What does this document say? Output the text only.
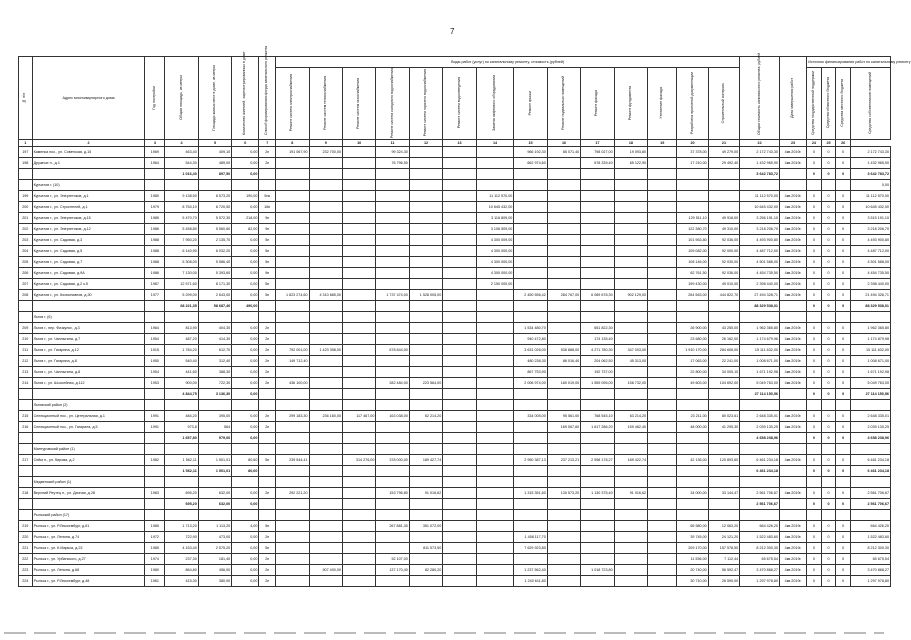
7
№ п/п	Адрес многоквартирного дома	Год постройки	Общая площадь, кв.метры	Площадь жилых мест в доме, кв.метры	Количество жителей, зарегистрированных в доме	Способ формирования фонда капитального ремонта	Виды работ (услуг) по капитальному ремонту, стоимость (рублей)														Общая стоимость капитального ремонта, рублей	Дата завершения работ	Источник финансирования работ по капитальному ремонту			
							Ремонт систем электроснабжения	Ремонт систем теплоснабжения	Ремонт систем газоснабжения	Ремонт систем холодного водоснабжения	Ремонт систем горячего водоснабжения	Ремонт систем водоотведения	Замена лифтового оборудования	Ремонт крыши	Ремонт подвальных помещений	Ремонт фасада	Ремонт фундамента	Утепление фасада	Разработка проектной документации	Строительный контроль			Средства государственной поддержки	Средства областного бюджета	Средства местного бюджета	Средства собственников помещений
1	2	3	4	5	6	7	8	9	10	11	12	13	14	15	16	17	18	19	20	21	22	23	24	25	26	
197	Каменка пос., ул. Советская, д.15	1969	463,40	409,10	0,00	2п	191 067,90	232 700,00		99 324,30				966 192,30	85 071,40	798 027,00	19 093,80		37 378,00	49 279,00	2 172 743,30	4кв.2019г.	0	0	0	2 172 743,30
198	Дружное п., д.1	1964	544,30	489,00	0,00	2п				76 796,50				662 974,60		678 339,40	65 122,90		17 210,00	29 492,40	1 432 965,90	4кв.2019г.	0	0	0	1 432 965,90
			1 016,40	897,50	0,00																3 642 783,72		0	0	0	3 642 783,72
	Курчатов г. (10)																									0,00
199	Курчатов г., ул. Энергетиков, д.1	1980	9 138,50	8 573,20	190,00	5пк							11 112 570,00								11 112 570,00	4кв.2019г.	0	0	0	11 112 570,00
200	Курчатов г., ул. Строителей, д.1	1979	8 754,10	8 720,50	0,00	16п							10 645 432,00								10 645 432,00	4кв.2019г.	0	0	0	10 645 432,00
201	Курчатов г., ул. Энергетиков, д.15	1985	5 470,70	5 572,30	218,00	9п							3 116 809,00						129 511,10	49 918,00	3 256 191,10	4кв.2019г.	0	0	0	3 515 191,10
202	Курчатов г., ул. Энергетиков, д.12	1986	5 458,80	5 560,60	82,00	9п							3 106 509,00						122 380,70	49 310,00	3 218 206,70	4кв.2019г.	0	0	0	3 218 206,70
203	Курчатов г., ул. Садовая, д.3	1988	7 950,20	2 135,70	0,00	5п							4 300 009,00						101 963,80	92 036,00	4 493 900,80	4кв.2019г.	0	0	0	4 493 900,80
204	Курчатов г., ул. Садовая, д.5	1988	6 140,90	6 032,20	0,00	5п							4 300 000,00						105 082,00	92 000,00	4 487 712,00	4кв.2019г.	0	0	0	4 487 712,00
205	Курчатов г., ул. Садовая, д.7	1988	5 308,00	5 586,40	0,00	5п							4 300 000,00						108 146,00	92 030,00	4 501 588,00	4кв.2019г.	0	0	0	4 501 588,00
206	Курчатов г., ул. Садовая, д.9А	1986	7 130,00	5 393,60	0,00	9п							4 300 000,00						62 761,50	92 036,00	4 454 735,50	4кв.2019г.	0	0	0	4 454 735,50
207	Курчатов г., ул. Садовая, д.2 к.5	1987	12 571,60	8 171,30	0,00	5п							2 150 000,00						199 430,00	49 010,00	2 398 440,00	4кв.2019г.	0	0	0	2 398 440,00
208	Курчатов г., ул. Космонавтов, д.30	1977	5 299,00	2 643,00	0,00	5п	1 623 274,60	4 310 685,00		1 737 474,00	1 528 005,00			2 450 556,42	284 767,00	6 089 678,30	902 129,00		264 563,00	444 822,70	27 494 328,71	4кв.2019г.	0	0	0	21 494 328,71
			68 221,35	58 687,40	490,00																88 329 538,01		0	0	0	88 329 538,01
	Льгов г. (6)																									
209	Льгов г., пер. Физкульт., д.3	1964	813,90	404,30	0,00	2п								1 534 480,70		651 822,30			26 900,00	43 255,00	1 962 365,80	4кв.2019г.	0	0	0	1 962 365,80
210	Льгов г., ул. Чаплыгина, д.7	1954	487,20	414,30	0,00	2п								940 472,80		174 135,40			23 680,00	26 162,00	1 174 679,96	4кв.2019г.	0	0	0	1 174 879,98
211	Льгов г., ул. Гагарина, д.12	1915	1 784,20	612,70	0,00	2п	792 001,00	1 423 398,00		678 844,00				3 631 026,00	536 888,00	4 271 780,30	347 003,00		1 910 170,00	284 606,00	15 111 632,00	4кв.2019г.	0	0	0	15 111 632,00
212	Льгов г., ул. Гагарина, д.8	1950	540,40	312,40	0,00	2п	149 712,40							480 236,30	86 016,40	204 062,50	45 313,00		17 063,00	22 241,00	1 008 671,00	4кв.2019г.	0	0	0	1 008 671,00
213	Льгов г., ул. Чаплыгина, д.8	1954	441,60	388,30	0,00	2п								867 753,90		192 737,00			22 800,00	34 005,10	1 671 192,98	4кв.2019г.	0	0	0	1 671 192,98
214	Льгов г., ул. Шоссейная, д.112	1953	900,00	722,30	0,00	2п	436 100,00			282 484,00	223 564,00			2 006 974,00	180 019,00	1 559 095,00	158 732,00		49 603,00	104 692,00	5 049 763,00	4кв.2019г.	0	0	0	5 049 763,00
			4 844,75	3 136,30	0,00																27 114 150,56		0	0	0	27 114 150,56
	Льговский район (2)																									
215	Селекционный пос., ул. Центральная, д.1	1991	484,20	395,00	0,00	2п	299 183,30	236 160,00	117 467,00	163 038,00	62 214,20			334 005,00	95 561,00	768 545,10	63 214,20		23 211,00	80 023,61	2 648 335,01	4кв.2019г.	0	0	0	2 648 335,01
216	Селекционный пос., ул. Гагарина, д.5	1991	973,8	564	0,00	2п									169 067,60	1 617 286,20	159 462,40		48 000,00	41 295,30	2 039 130,25	4кв.2019г.	0	0	0	2 039 130,25
			1 657,80	979,00	0,00																4 658 238,96		0	0	0	4 658 238,96
	Мантуровский район (1)																									
217	Сейм п., ул. Кирова, д.2	1982	1 562,11	1 501,01	80,60	5п	239 544,41		314 276,00	378 000,00	189 427,74			2 950 387,13	237 213,21	2 598 178,27	189 422,74		42 136,00	120 893,60	6 461 234,18	4кв.2019г.	0	0	0	6 461 234,18
			1 562,11	1 501,01	80,60																6 461 234,18		0	0	0	6 461 234,18
	Медвенский район (1)																									
218	Верхний Реутец п., ул. Дачная, д.28	1983	695,20	632,00	0,00	2п	292 221,20			153 796,80	91 016,62			1 315 351,60	130 573,20	1 130 375,40	91 016,62		34 000,00	33 144,47	2 561 706,67	4кв.2019г.	0	0	0	2 561 706,67
			695,20	632,00	0,00																2 561 706,67		0	0	0	2 561 706,67
	Рыльский район (17)																									
219	Рыльск г., ул. Р.Люксембург, д.61	1985	1 713,20	1 113,20	4,00	5п				267 881,30	351 072,00								65 580,00	12 063,20	664 426,20	4кв.2019г.	0	0	0	664 426,20
220	Рыльск г., ул. Ленина, д.74	1972	722,90	473,00	0,00	2п								1 458 117,70					39 745,00	24 121,20	1 522 483,60	4кв.2019г.	0	0	0	1 522 483,60
221	Рыльск г., ул. К.Маркса, д.23	1985	4 153,40	2 575,20	0,00	5п					811 573,50			7 629 923,80					209 170,00	157 578,50	8 212 300,30	4кв.2019г.	0	0	0	8 212 300,30
222	Рыльск г., ул. Урбанского, д.27	1974	237,30	181,40	0,00	2п				52 107,00									11 556,00	7 112,44	65 675,54	4кв.2019г.	0	0	0	65 675,54
223	Рыльск г., ул. Ленина, д.68	1980	864,80	456,00	0,00	2п		907 400,00		137 170,40	82 280,20			1 237 562,40		1 018 723,80			20 740,00	56 592,47	3 470 868,27	4кв.2019г.	0	0	0	3 470 868,27
224	Рыльск г., ул. Р.Люксембург, д.48	1961	415,30	380,00	0,00	2п								1 240 611,80					30 710,00	26 590,00	1 297 978,80	4кв.2019г.	0	0	0	1 297 978,80
